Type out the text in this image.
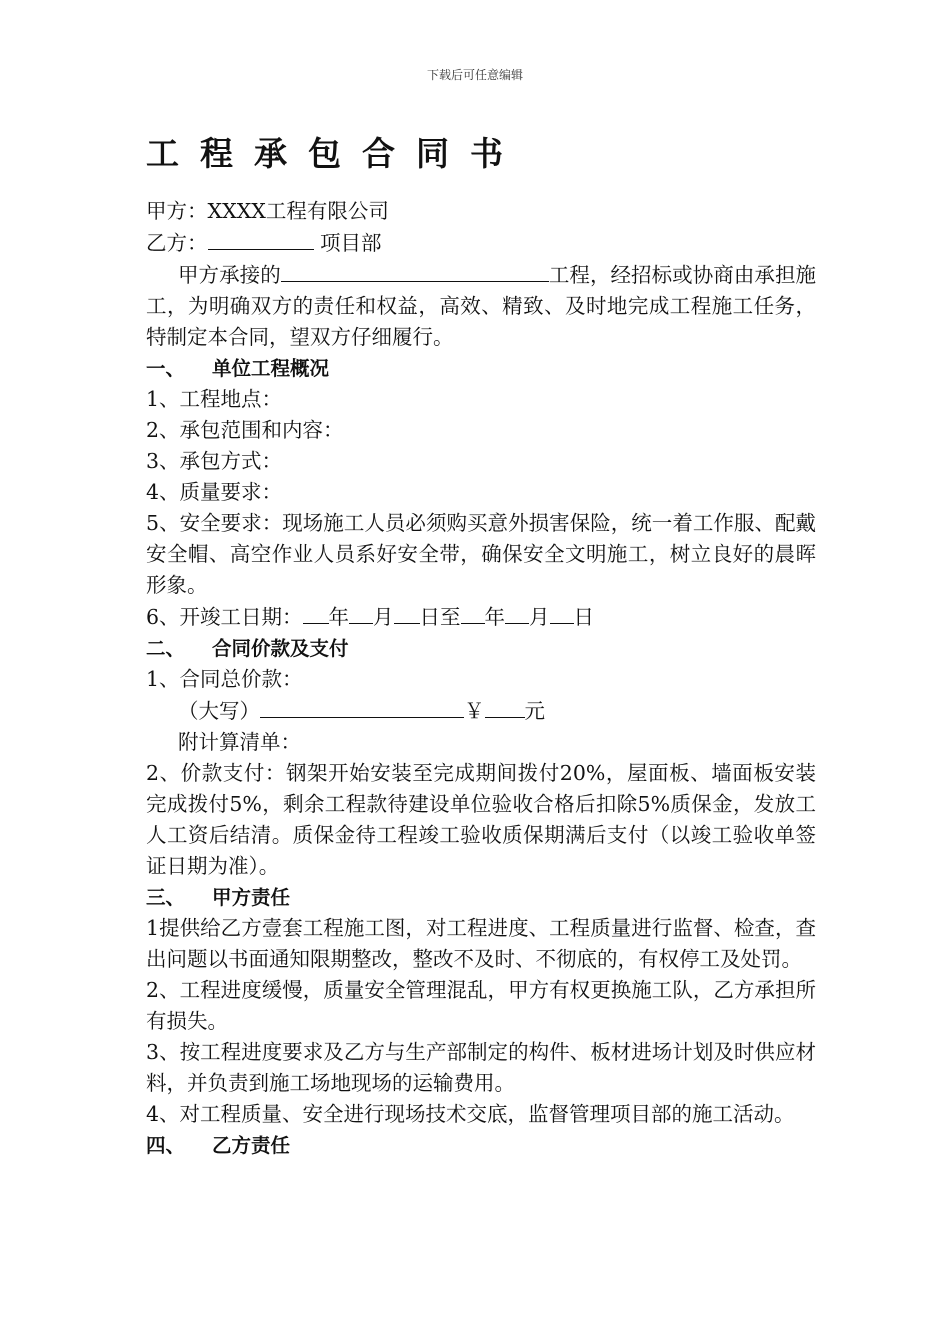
下载后可任意编辑
工程承包合同书
甲方：XXXX工程有限公司
乙方：	项目部
甲方承接的	工程，经招标或协商由承担施工，为明确双方的责任和权益，高效、精致、及时地完成工程施工任务，特制定本合同，望双方仔细履行。
一、 单位工程概况
1、工程地点：
2、承包范围和内容：
3、承包方式：
4、质量要求：
5、安全要求：现场施工人员必须购买意外损害保险，统一着工作服、配戴安全帽、高空作业人员系好安全带，确保安全文明施工，树立良好的晨晖形象。
6、开竣工日期： 年 月 日至 年 月 日
二、 合同价款及支付
1、合同总价款：
（大写）	￥ 元
附计算清单：
2、价款支付：钢架开始安装至完成期间拨付20%，屋面板、墙面板安装完成拨付5%，剩余工程款待建设单位验收合格后扣除5%质保金，发放工人工资后结清。质保金待工程竣工验收质保期满后支付（以竣工验收单签证日期为准）。
三、 甲方责任
1提供给乙方壹套工程施工图，对工程进度、工程质量进行监督、检查，查出问题以书面通知限期整改，整改不及时、不彻底的，有权停工及处罚。
2、工程进度缓慢，质量安全管理混乱，甲方有权更换施工队，乙方承担所有损失。
3、按工程进度要求及乙方与生产部制定的构件、板材进场计划及时供应材料，并负责到施工场地现场的运输费用。
4、对工程质量、安全进行现场技术交底，监督管理项目部的施工活动。
四、 乙方责任
